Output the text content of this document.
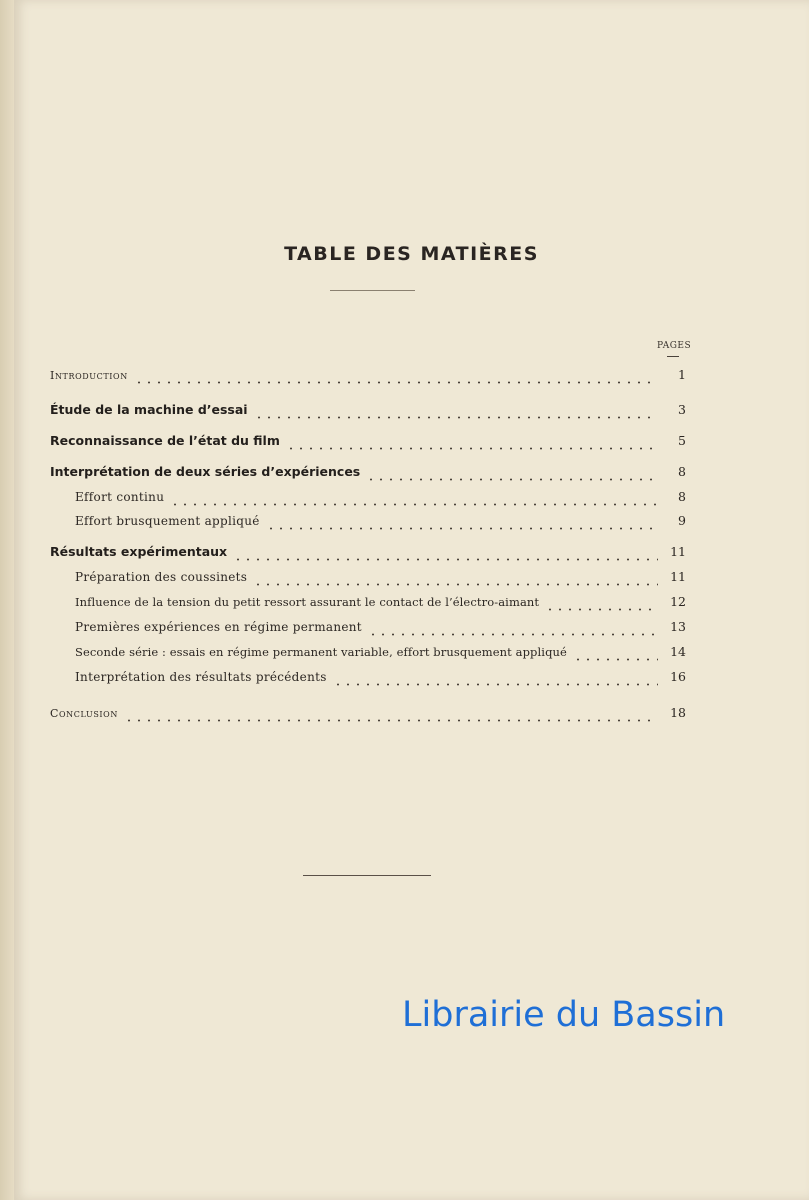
TABLE DES MATIÈRES
PAGES
Introduction	1
Étude de la machine d’essai	3
Reconnaissance de l’état du film	5
Interprétation de deux séries d’expériences	8
Effort continu	8
Effort brusquement appliqué	9
Résultats expérimentaux	11
Préparation des coussinets	11
Influence de la tension du petit ressort assurant le contact de l’électro-aimant	12
Premières expériences en régime permanent	13
Seconde série : essais en régime permanent variable, effort brusquement appliqué	14
Interprétation des résultats précédents	16
Conclusion	18
Librairie du Bassin
